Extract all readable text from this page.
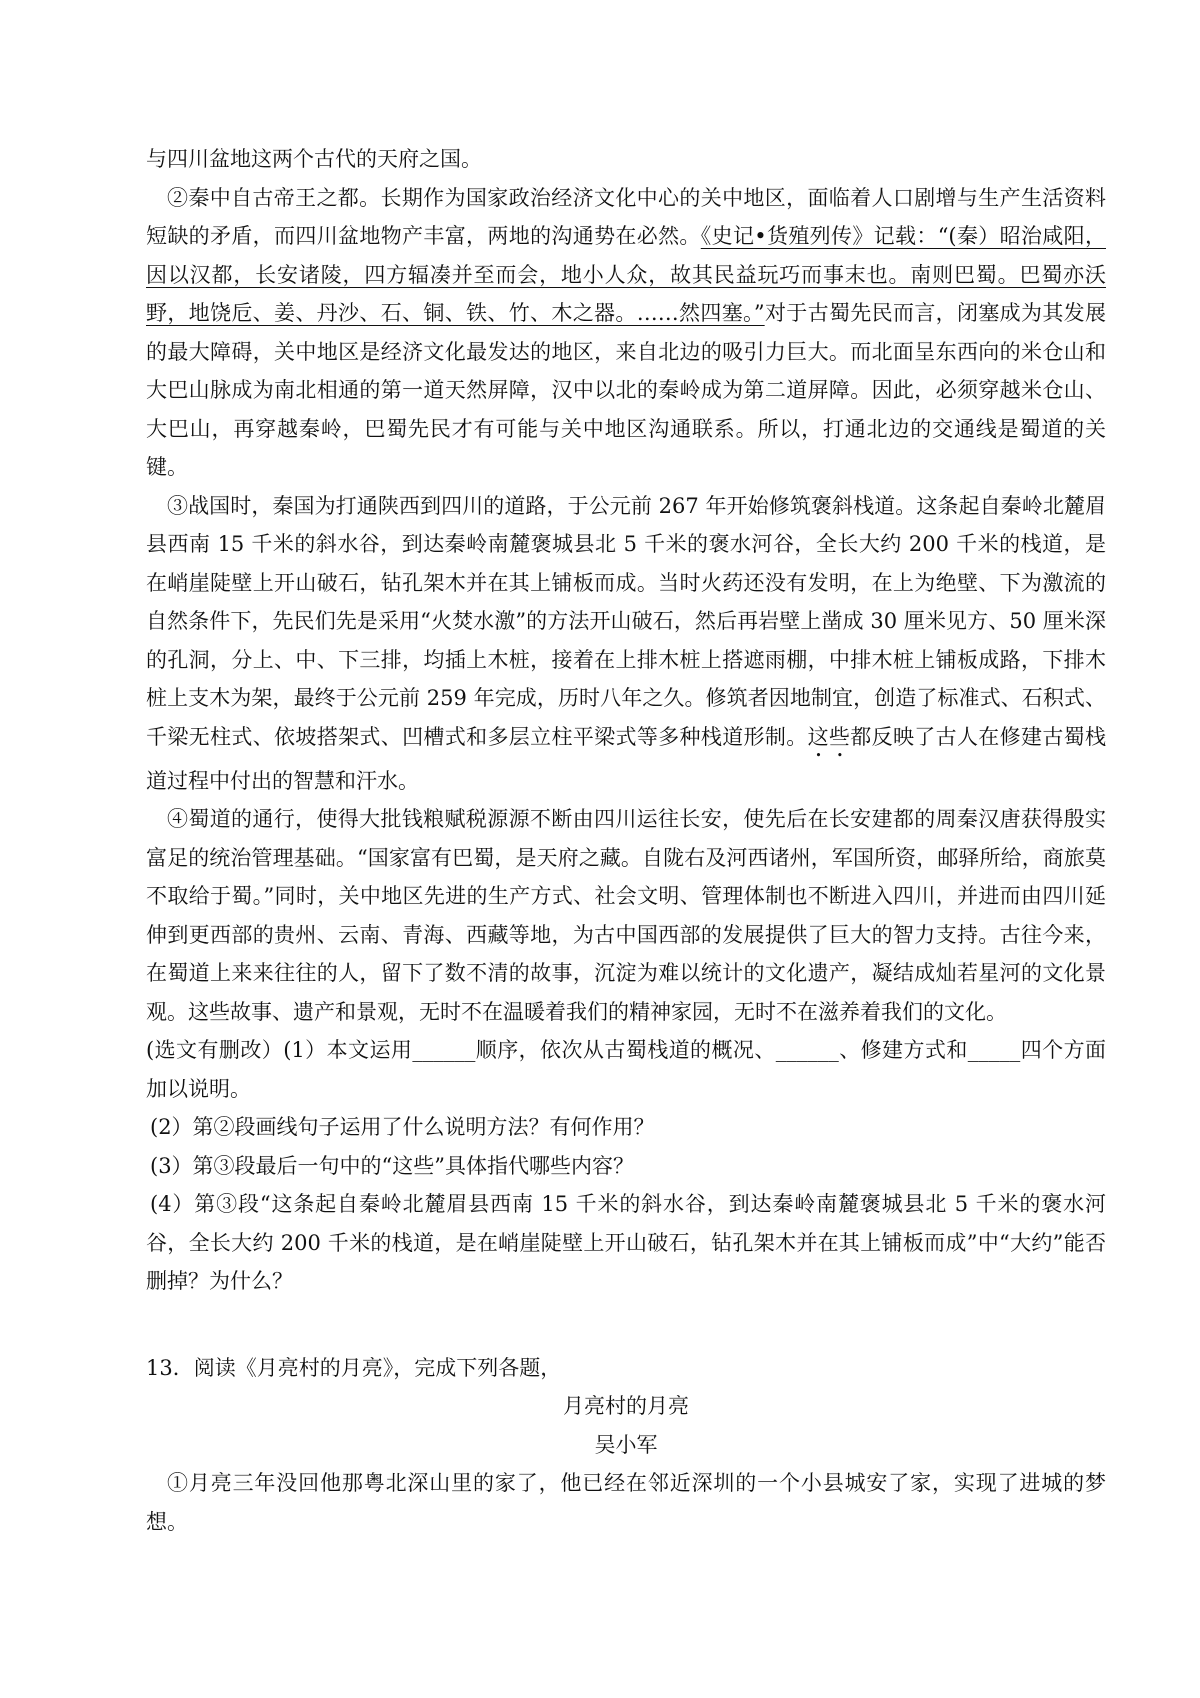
与四川盆地这两个古代的天府之国。

②秦中自古帝王之都。长期作为国家政治经济文化中心的关中地区，面临着人口剧增与生产生活资料短缺的矛盾，而四川盆地物产丰富，两地的沟通势在必然。《史记•货殖列传》记载：“(秦）昭治咸阳，因以汉都，长安诸陵，四方辐凑并至而会，地小人众，故其民益玩巧而事末也。南则巴蜀。巴蜀亦沃野，地饶卮、姜、丹沙、石、铜、铁、竹、木之器。……然四塞。”对于古蜀先民而言，闭塞成为其发展的最大障碍，关中地区是经济文化最发达的地区，来自北边的吸引力巨大。而北面呈东西向的米仓山和大巴山脉成为南北相通的第一道天然屏障，汉中以北的秦岭成为第二道屏障。因此，必须穿越米仓山、大巴山，再穿越秦岭，巴蜀先民才有可能与关中地区沟通联系。所以，打通北边的交通线是蜀道的关键。

③战国时，秦国为打通陕西到四川的道路，于公元前 267 年开始修筑褒斜栈道。这条起自秦岭北麓眉县西南 15 千米的斜水谷，到达秦岭南麓褒城县北 5 千米的褒水河谷，全长大约 200 千米的栈道，是在峭崖陡壁上开山破石，钻孔架木并在其上铺板而成。当时火药还没有发明，在上为绝壁、下为激流的自然条件下，先民们先是采用“火焚水激”的方法开山破石，然后再岩壁上凿成 30 厘米见方、50 厘米深的孔洞，分上、中、下三排，均插上木桩，接着在上排木桩上搭遮雨棚，中排木桩上铺板成路，下排木桩上支木为架，最终于公元前 259 年完成，历时八年之久。修筑者因地制宜，创造了标准式、石积式、千梁无柱式、依坡搭架式、凹槽式和多层立柱平梁式等多种栈道形制。这些都反映了古人在修建古蜀栈道过程中付出的智慧和汗水。

④蜀道的通行，使得大批钱粮赋税源源不断由四川运往长安，使先后在长安建都的周秦汉唐获得殷实富足的统治管理基础。“国家富有巴蜀，是天府之藏。自陇右及河西诸州，军国所资，邮驿所给，商旅莫不取给于蜀。”同时，关中地区先进的生产方式、社会文明、管理体制也不断进入四川，并进而由四川延伸到更西部的贵州、云南、青海、西藏等地，为古中国西部的发展提供了巨大的智力支持。古往今来，在蜀道上来来往往的人，留下了数不清的故事，沉淀为难以统计的文化遗产，凝结成灿若星河的文化景观。这些故事、遗产和景观，无时不在温暖着我们的精神家园，无时不在滋养着我们的文化。

(选文有删改）(1）本文运用______顺序，依次从古蜀栈道的概况、______、修建方式和_____四个方面加以说明。

(2）第②段画线句子运用了什么说明方法？有何作用？

(3）第③段最后一句中的“这些”具体指代哪些内容？

(4）第③段“这条起自秦岭北麓眉县西南 15 千米的斜水谷，到达秦岭南麓褒城县北 5 千米的褒水河谷，全长大约 200 千米的栈道，是在峭崖陡壁上开山破石，钻孔架木并在其上铺板而成”中“大约”能否删掉？为什么？

13．阅读《月亮村的月亮》，完成下列各题，

月亮村的月亮

吴小军

①月亮三年没回他那粤北深山里的家了，他已经在邻近深圳的一个小县城安了家，实现了进城的梦想。
